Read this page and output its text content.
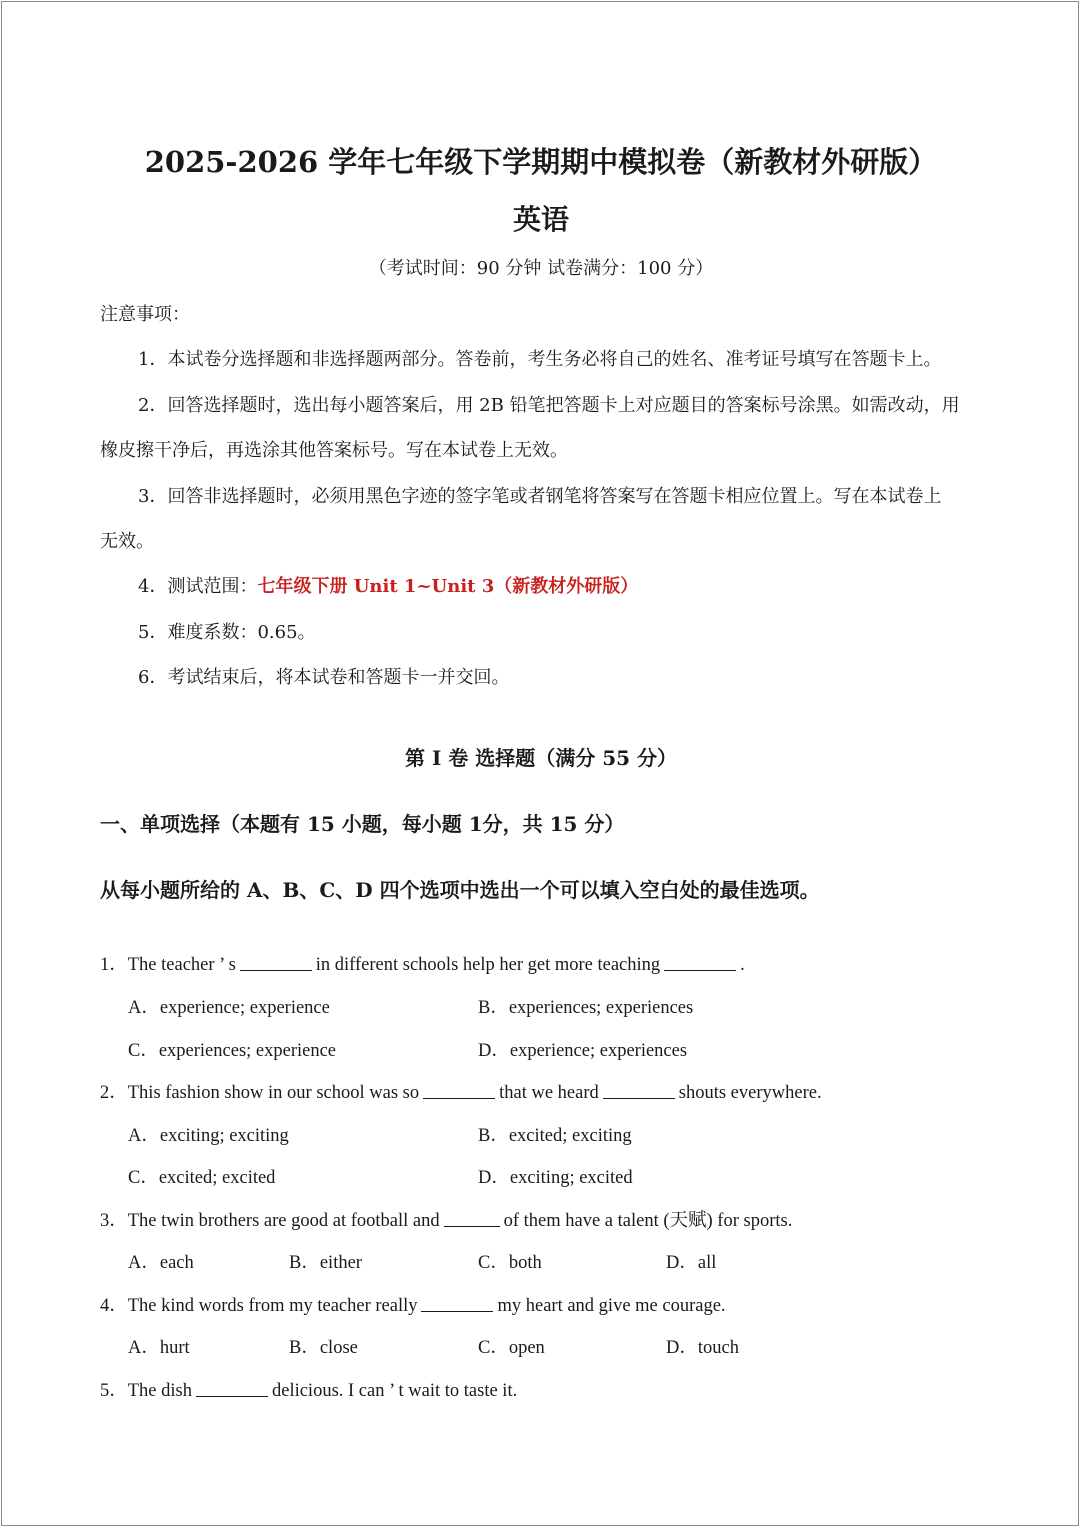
2025-2026 学年七年级下学期期中模拟卷（新教材外研版）
英语
（考试时间：90 分钟 试卷满分：100 分）
注意事项：
1．本试卷分选择题和非选择题两部分。答卷前，考生务必将自己的姓名、准考证号填写在答题卡上。
2．回答选择题时，选出每小题答案后，用 2B 铅笔把答题卡上对应题目的答案标号涂黑。如需改动，用
橡皮擦干净后，再选涂其他答案标号。写在本试卷上无效。
3．回答非选择题时，必须用黑色字迹的签字笔或者钢笔将答案写在答题卡相应位置上。写在本试卷上
无效。
4．测试范围：七年级下册 Unit 1~Unit 3（新教材外研版）
5．难度系数：0.65。
6．考试结束后，将本试卷和答题卡一并交回。
第 I 卷 选择题（满分 55 分）
一、单项选择（本题有 15 小题，每小题 1分，共 15 分）
从每小题所给的 A、B、C、D 四个选项中选出一个可以填入空白处的最佳选项。
1．The teacher ’ s	in different schools help her get more teaching	.
A．experience; experience	B．experiences; experiences
C．experiences; experience	D．experience; experiences
2．This fashion show in our school was so	that we heard	shouts everywhere.
A．exciting; exciting	B．excited; exciting
C．excited; excited	D．exciting; excited
3．The twin brothers are good at football and	of them have a talent (天赋) for sports.
A．each	B．either	C．both	D．all
4．The kind words from my teacher really	my heart and give me courage.
A．hurt	B．close	C．open	D．touch
5．The dish	delicious. I can ’ t wait to taste it.
